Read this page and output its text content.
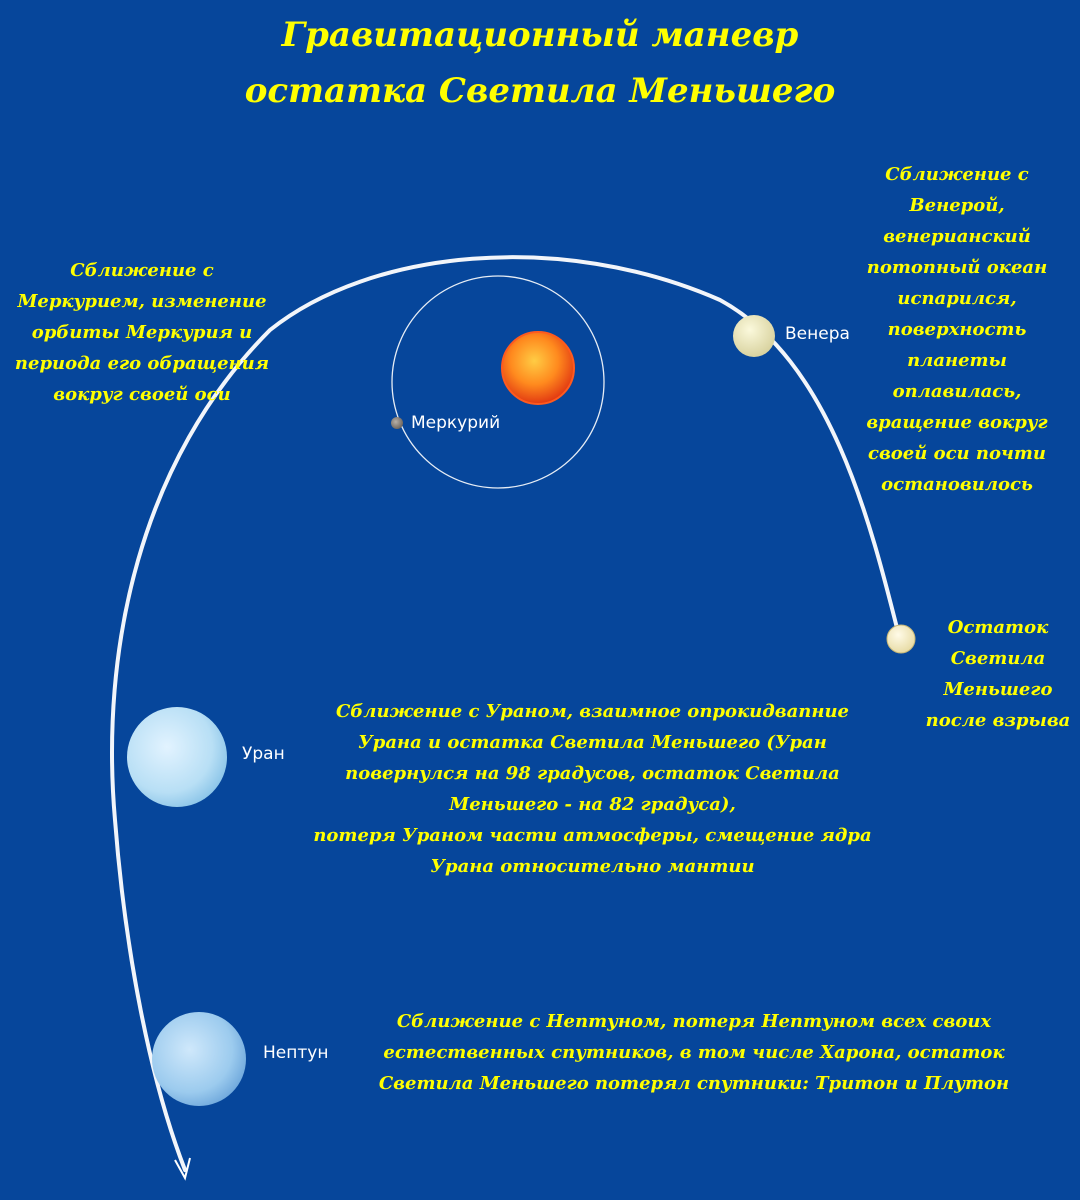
Гравитационный маневр
остатка Светила Меньшего
Меркурий
Венера
Уран
Нептун
Сближение с
Меркурием, изменение
орбиты Меркурия и
периода его обращения
вокруг своей оси
Сближение с
Венерой,
венерианский
потопный океан
испарился,
поверхность
планеты
оплавилась,
вращение вокруг
своей оси почти
остановилось
Остаток
Светила
Меньшего
после взрыва
Сближение с Ураном, взаимное опрокидвапние
Урана и остатка Светила Меньшего (Уран
повернулся на 98 градусов, остаток Светила
Меньшего - на 82 градуса),
потеря Ураном части атмосферы, смещение ядра
Урана относительно мантии
Сближение с Нептуном, потеря Нептуном всех своих
естественных спутников, в том числе Харона, остаток
Светила Меньшего потерял спутники: Тритон и Плутон
